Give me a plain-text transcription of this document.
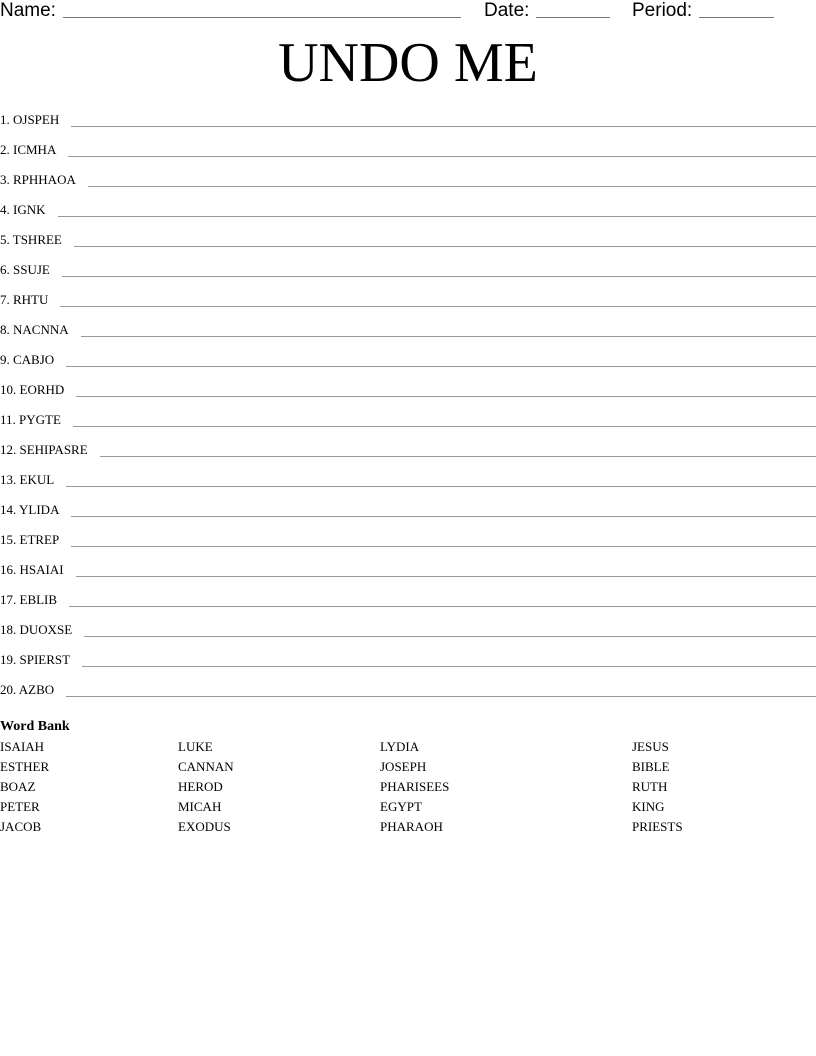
Name:	Date:	Period:
UNDO ME
1. OJSPEH
2. ICMHA
3. RPHHAOA
4. IGNK
5. TSHREE
6. SSUJE
7. RHTU
8. NACNNA
9. CABJO
10. EORHD
11. PYGTE
12. SEHIPASRE
13. EKUL
14. YLIDA
15. ETREP
16. HSAIAI
17. EBLIB
18. DUOXSE
19. SPIERST
20. AZBO
Word Bank
ISAIAH
ESTHER
BOAZ
PETER
JACOB
LUKE
CANNAN
HEROD
MICAH
EXODUS
LYDIA
JOSEPH
PHARISEES
EGYPT
PHARAOH
JESUS
BIBLE
RUTH
KING
PRIESTS
